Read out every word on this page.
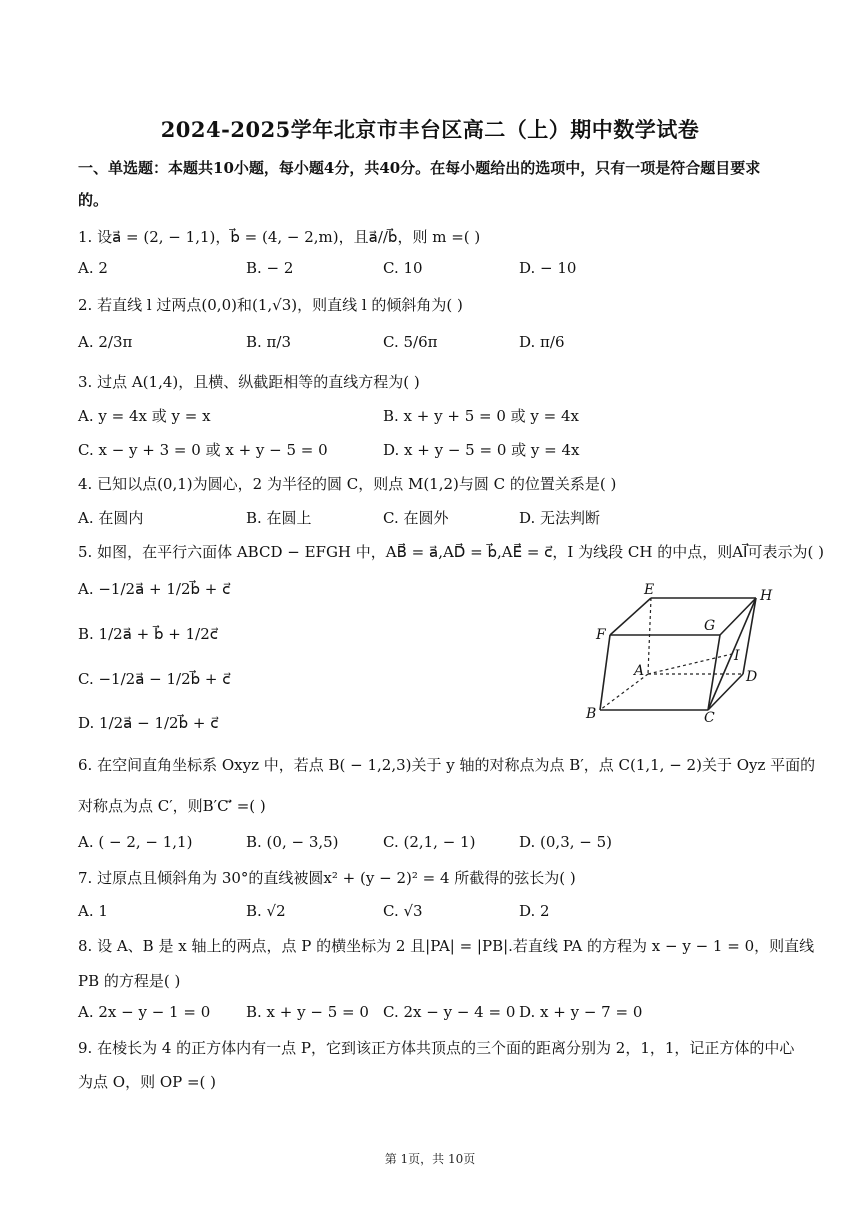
2024-2025学年北京市丰台区高二（上）期中数学试卷
一、单选题：本题共10小题，每小题4分，共40分。在每小题给出的选项中，只有一项是符合题目要求的。
1. 设a⃗ = (2, − 1,1)，b⃗ = (4, − 2,m)，且a⃗//b⃗，则 m =( )
A. 2	B. − 2	C. 10	D. − 10
2. 若直线 l 过两点(0,0)和(1,√3)，则直线 l 的倾斜角为( )
A. 2/3π	B. π/3	C. 5/6π	D. π/6
3. 过点 A(1,4)，且横、纵截距相等的直线方程为( )
A. y = 4x 或 y = x	B. x + y + 5 = 0 或 y = 4x
C. x − y + 3 = 0 或 x + y − 5 = 0	D. x + y − 5 = 0 或 y = 4x
4. 已知以点(0,1)为圆心，2 为半径的圆 C，则点 M(1,2)与圆 C 的位置关系是( )
A. 在圆内	B. 在圆上	C. 在圆外	D. 无法判断
5. 如图，在平行六面体 ABCD − EFGH 中，AB⃗ = a⃗,AD⃗ = b⃗,AE⃗ = c⃗，I 为线段 CH 的中点，则AI⃗可表示为( )
A. −1/2a⃗ + 1/2b⃗ + c⃗
B. 1/2a⃗ + b⃗ + 1/2c⃗
C. −1/2a⃗ − 1/2b⃗ + c⃗
D. 1/2a⃗ − 1/2b⃗ + c⃗
E	H
F
G
A
I
D
B	C
6. 在空间直角坐标系 Oxyz 中，若点 B( − 1,2,3)关于 y 轴的对称点为点 B′，点 C(1,1, − 2)关于 Oyz 平面的
对称点为点 C′，则B′C′⃗ =( )
A. ( − 2, − 1,1)	B. (0, − 3,5)	C. (2,1, − 1)	D. (0,3, − 5)
7. 过原点且倾斜角为 30°的直线被圆x² + (y − 2)² = 4 所截得的弦长为( )
A. 1	B. √2	C. √3	D. 2
8. 设 A、B 是 x 轴上的两点，点 P 的横坐标为 2 且|PA| = |PB|.若直线 PA 的方程为 x − y − 1 = 0，则直线
PB 的方程是( )
A. 2x − y − 1 = 0 B. x + y − 5 = 0 C. 2x − y − 4 = 0 D. x + y − 7 = 0
9. 在棱长为 4 的正方体内有一点 P，它到该正方体共顶点的三个面的距离分别为 2，1，1，记正方体的中心
为点 O，则 OP =( )
第 1页，共 10页
